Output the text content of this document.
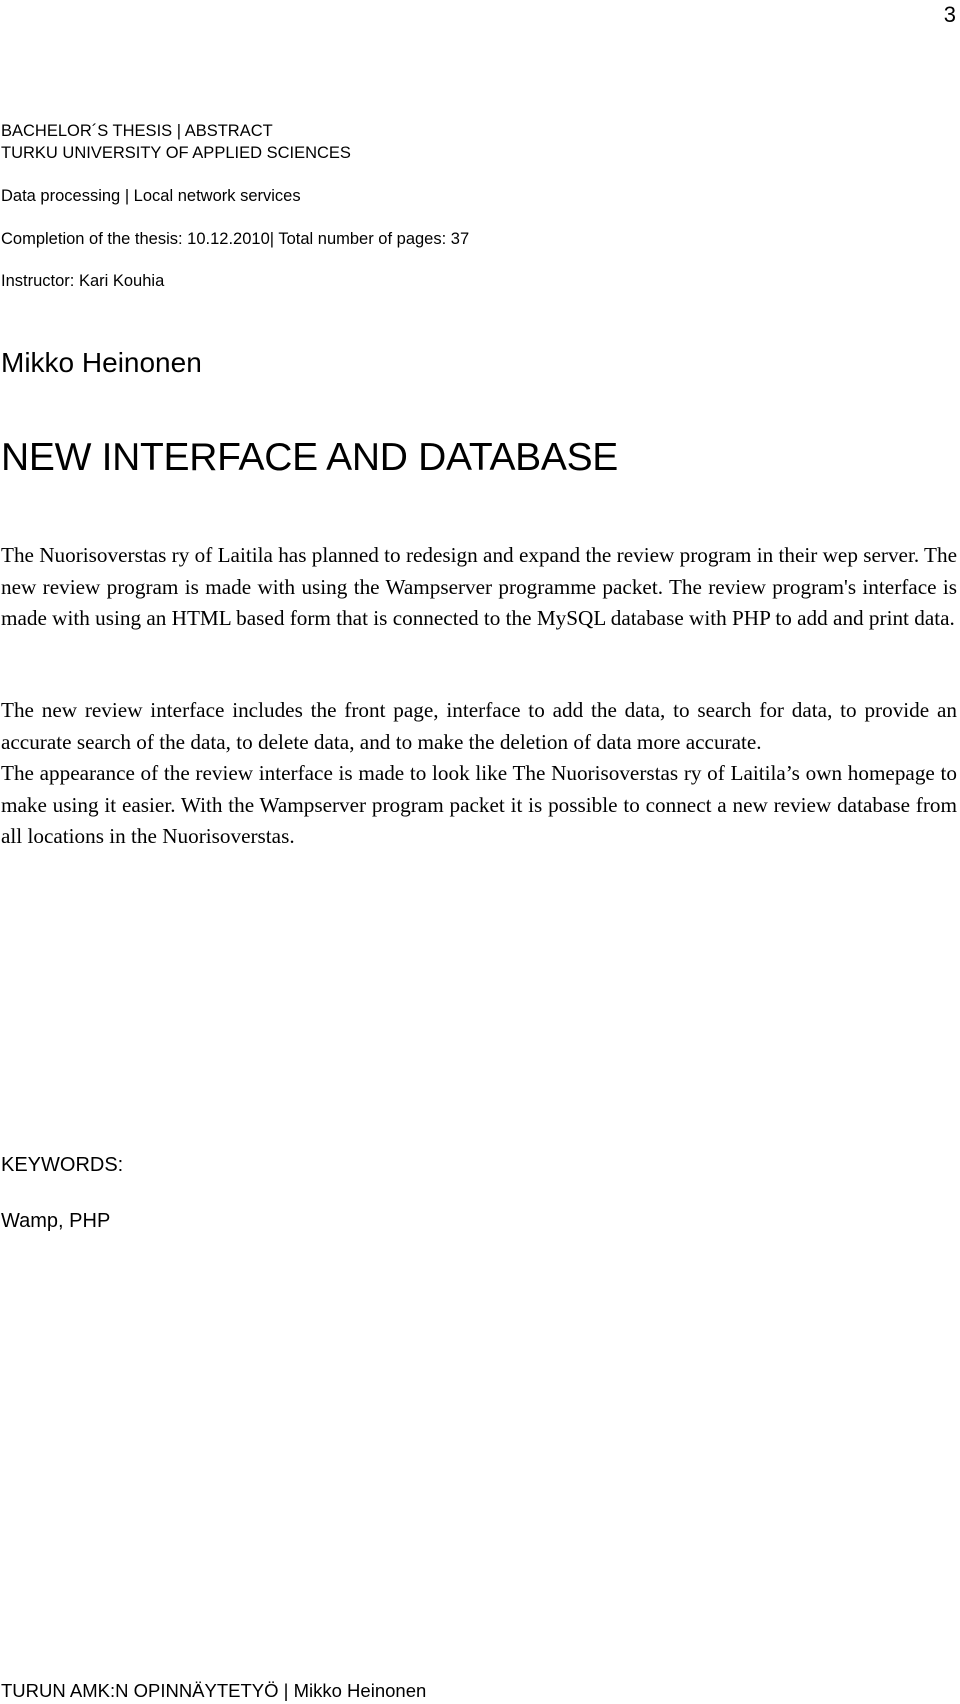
3
BACHELOR´S THESIS | ABSTRACT
TURKU UNIVERSITY OF APPLIED SCIENCES
Data processing | Local network services
Completion of the thesis: 10.12.2010| Total number of pages: 37
Instructor: Kari Kouhia
Mikko Heinonen
NEW INTERFACE AND DATABASE

The Nuorisoverstas ry of Laitila has planned to redesign and expand the review program in their wep server. The new review program is made with using the Wampserver programme packet. The review program's interface is made with using an HTML based form that is connected to the MySQL database with PHP to add and print data.

The new review interface includes the front page, interface to add the data, to search for data, to provide an accurate search of the data, to delete data, and to make the deletion of data more accurate.
The appearance of the review interface is made to look like The Nuorisoverstas ry of Laitila’s own homepage to make using it easier. With the Wampserver program packet it is possible to connect a new review database from all locations in the Nuorisoverstas.
KEYWORDS:
Wamp, PHP
TURUN AMK:N OPINNÄYTETYÖ | Mikko Heinonen
